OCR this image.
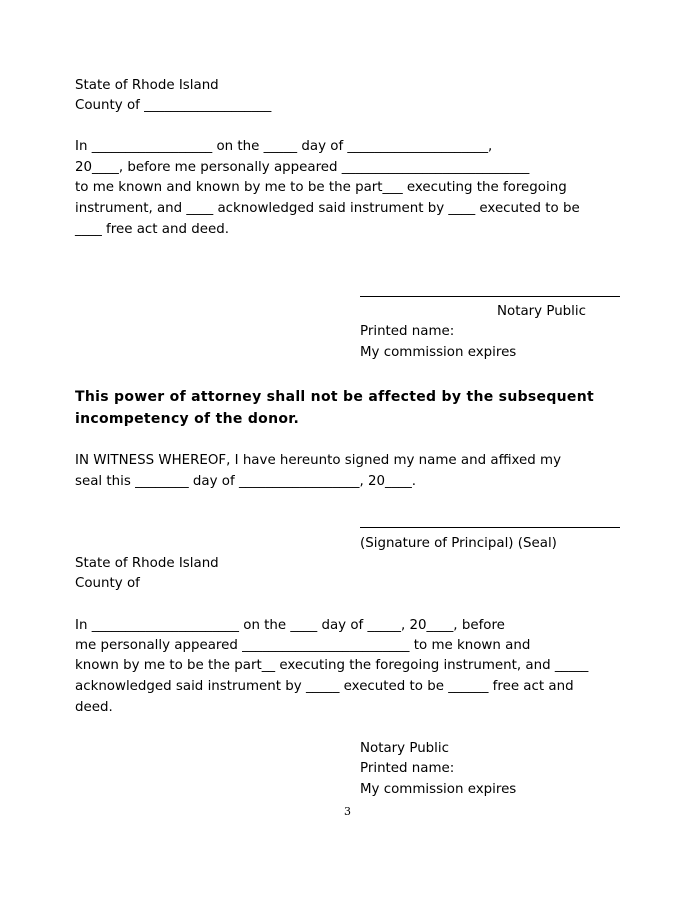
State of Rhode Island
County of ___________________
In __________________ on the _____ day of _____________________,
20____, before me personally appeared ____________________________
to me known and known by me to be the part___ executing the foregoing
instrument, and ____ acknowledged said instrument by ____ executed to be
____ free act and deed.
Notary Public
Printed name:
My commission expires
This power of attorney shall not be affected by the subsequent
incompetency of the donor.
IN WITNESS WHEREOF, I have hereunto signed my name and affixed my
seal this ________ day of __________________, 20____.
(Signature of Principal) (Seal)
State of Rhode Island
County of
In ______________________ on the ____ day of _____, 20____, before
me personally appeared _________________________ to me known and
known by me to be the part__ executing the foregoing instrument, and _____
acknowledged said instrument by _____ executed to be ______ free act and
deed.
Notary Public
Printed name:
My commission expires
3
